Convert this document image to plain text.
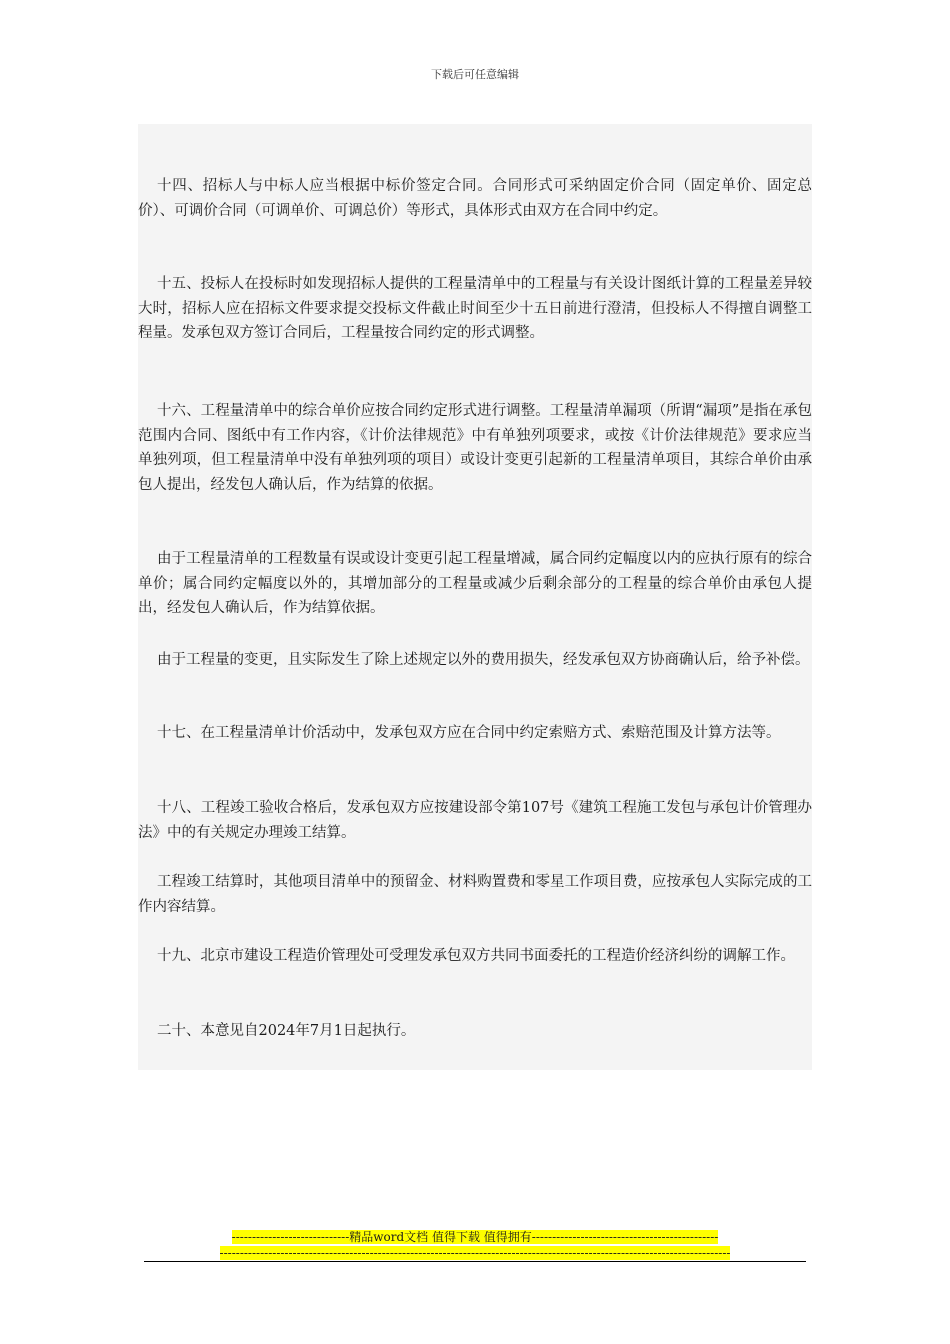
下载后可任意编辑

十四、招标人与中标人应当根据中标价签定合同。合同形式可采纳固定价合同（固定单价、固定总价）、可调价合同（可调单价、可调总价）等形式，具体形式由双方在合同中约定。

十五、投标人在投标时如发现招标人提供的工程量清单中的工程量与有关设计图纸计算的工程量差异较大时，招标人应在招标文件要求提交投标文件截止时间至少十五日前进行澄清，但投标人不得擅自调整工程量。发承包双方签订合同后，工程量按合同约定的形式调整。

十六、工程量清单中的综合单价应按合同约定形式进行调整。工程量清单漏项（所谓“漏项”是指在承包范围内合同、图纸中有工作内容，《计价法律规范》中有单独列项要求，或按《计价法律规范》要求应当单独列项，但工程量清单中没有单独列项的项目）或设计变更引起新的工程量清单项目，其综合单价由承包人提出，经发包人确认后，作为结算的依据。

由于工程量清单的工程数量有误或设计变更引起工程量增减，属合同约定幅度以内的应执行原有的综合单价；属合同约定幅度以外的，其增加部分的工程量或减少后剩余部分的工程量的综合单价由承包人提出，经发包人确认后，作为结算依据。

由于工程量的变更，且实际发生了除上述规定以外的费用损失，经发承包双方协商确认后，给予补偿。

十七、在工程量清单计价活动中，发承包双方应在合同中约定索赔方式、索赔范围及计算方法等。

十八、工程竣工验收合格后，发承包双方应按建设部令第107号《建筑工程施工发包与承包计价管理办法》中的有关规定办理竣工结算。

工程竣工结算时，其他项目清单中的预留金、材料购置费和零星工作项目费，应按承包人实际完成的工作内容结算。

十九、北京市建设工程造价管理处可受理发承包双方共同书面委托的工程造价经济纠纷的调解工作。

二十、本意见自2024年7月1日起执行。

-----------------------------精品word文档 值得下载 值得拥有----------------------------------------------
------------------------------------------------------------------------------------------------------------------------------
